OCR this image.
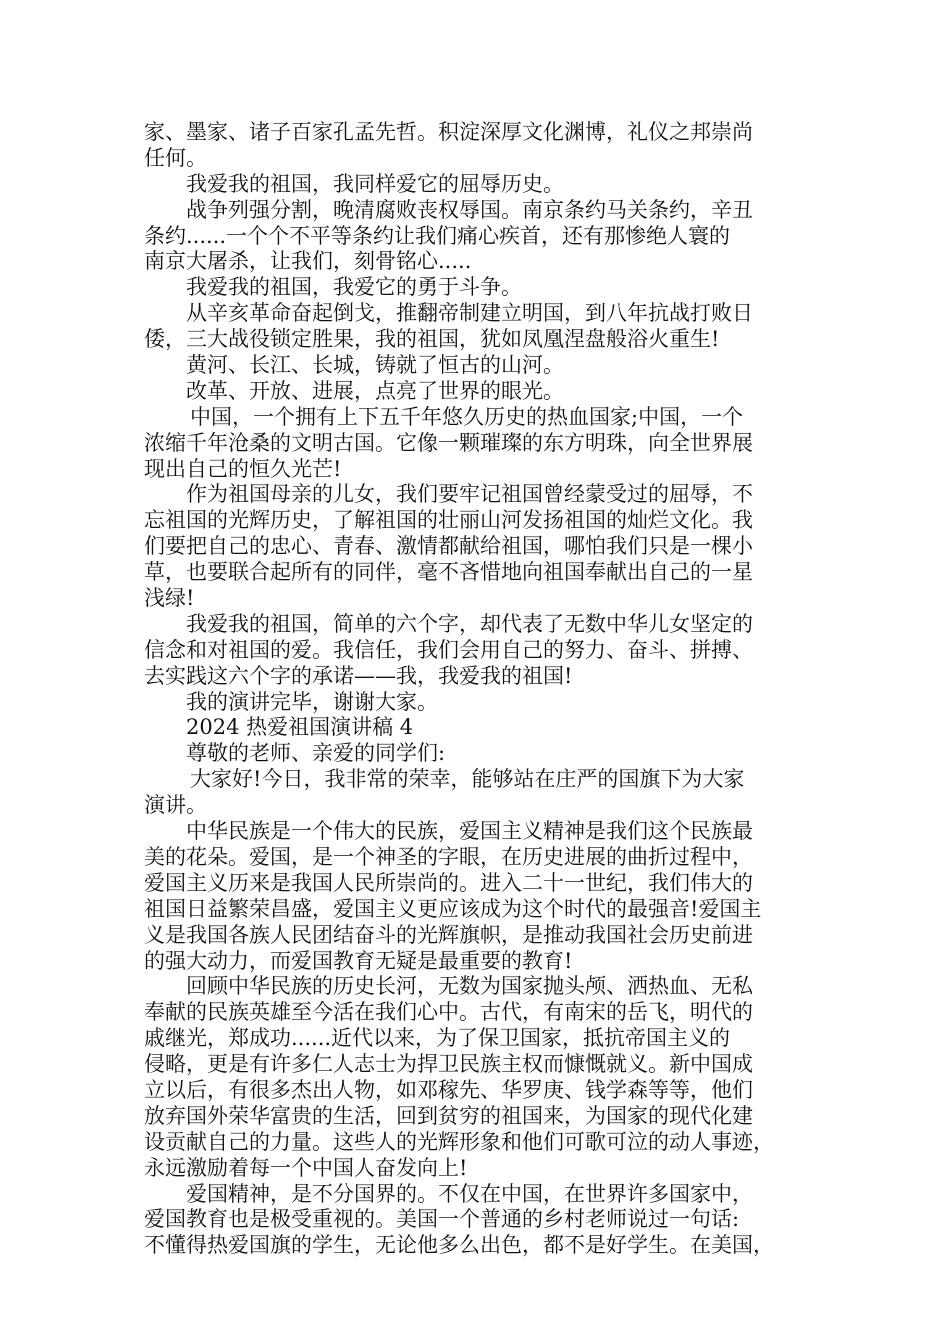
家、墨家、诸子百家孔孟先哲。积淀深厚文化渊博，礼仪之邦崇尚
任何。
我爱我的祖国，我同样爱它的屈辱历史。
战争列强分割，晚清腐败丧权辱国。南京条约马关条约，辛丑
条约......一个个不平等条约让我们痛心疾首，还有那惨绝人寰的
南京大屠杀，让我们，刻骨铭心.....
我爱我的祖国，我爱它的勇于斗争。
从辛亥革命奋起倒戈，推翻帝制建立明国，到八年抗战打败日
倭，三大战役锁定胜果，我的祖国，犹如凤凰涅盘般浴火重生!
黄河、长江、长城，铸就了恒古的山河。
改革、开放、进展，点亮了世界的眼光。
中国，一个拥有上下五千年悠久历史的热血国家;中国，一个
浓缩千年沧桑的文明古国。它像一颗璀璨的东方明珠，向全世界展
现出自己的恒久光芒!
作为祖国母亲的儿女，我们要牢记祖国曾经蒙受过的屈辱，不
忘祖国的光辉历史，了解祖国的壮丽山河发扬祖国的灿烂文化。我
们要把自己的忠心、青春、激情都献给祖国，哪怕我们只是一棵小
草，也要联合起所有的同伴，毫不吝惜地向祖国奉献出自己的一星
浅绿!
我爱我的祖国，简单的六个字，却代表了无数中华儿女坚定的
信念和对祖国的爱。我信任，我们会用自己的努力、奋斗、拼搏、
去实践这六个字的承诺——我，我爱我的祖国!
我的演讲完毕，谢谢大家。
2024 热爱祖国演讲稿 4
尊敬的老师、亲爱的同学们:
大家好!今日，我非常的荣幸，能够站在庄严的国旗下为大家
演讲。
中华民族是一个伟大的民族，爱国主义精神是我们这个民族最
美的花朵。爱国，是一个神圣的字眼，在历史进展的曲折过程中，
爱国主义历来是我国人民所崇尚的。进入二十一世纪，我们伟大的
祖国日益繁荣昌盛，爱国主义更应该成为这个时代的最强音!爱国主
义是我国各族人民团结奋斗的光辉旗帜，是推动我国社会历史前进
的强大动力，而爱国教育无疑是最重要的教育!
回顾中华民族的历史长河，无数为国家抛头颅、洒热血、无私
奉献的民族英雄至今活在我们心中。古代，有南宋的岳飞，明代的
戚继光，郑成功......近代以来，为了保卫国家，抵抗帝国主义的
侵略，更是有许多仁人志士为捍卫民族主权而慷慨就义。新中国成
立以后，有很多杰出人物，如邓稼先、华罗庚、钱学森等等，他们
放弃国外荣华富贵的生活，回到贫穷的祖国来，为国家的现代化建
设贡献自己的力量。这些人的光辉形象和他们可歌可泣的动人事迹，
永远激励着每一个中国人奋发向上!
爱国精神，是不分国界的。不仅在中国，在世界许多国家中，
爱国教育也是极受重视的。美国一个普通的乡村老师说过一句话:
不懂得热爱国旗的学生，无论他多么出色，都不是好学生。在美国，
